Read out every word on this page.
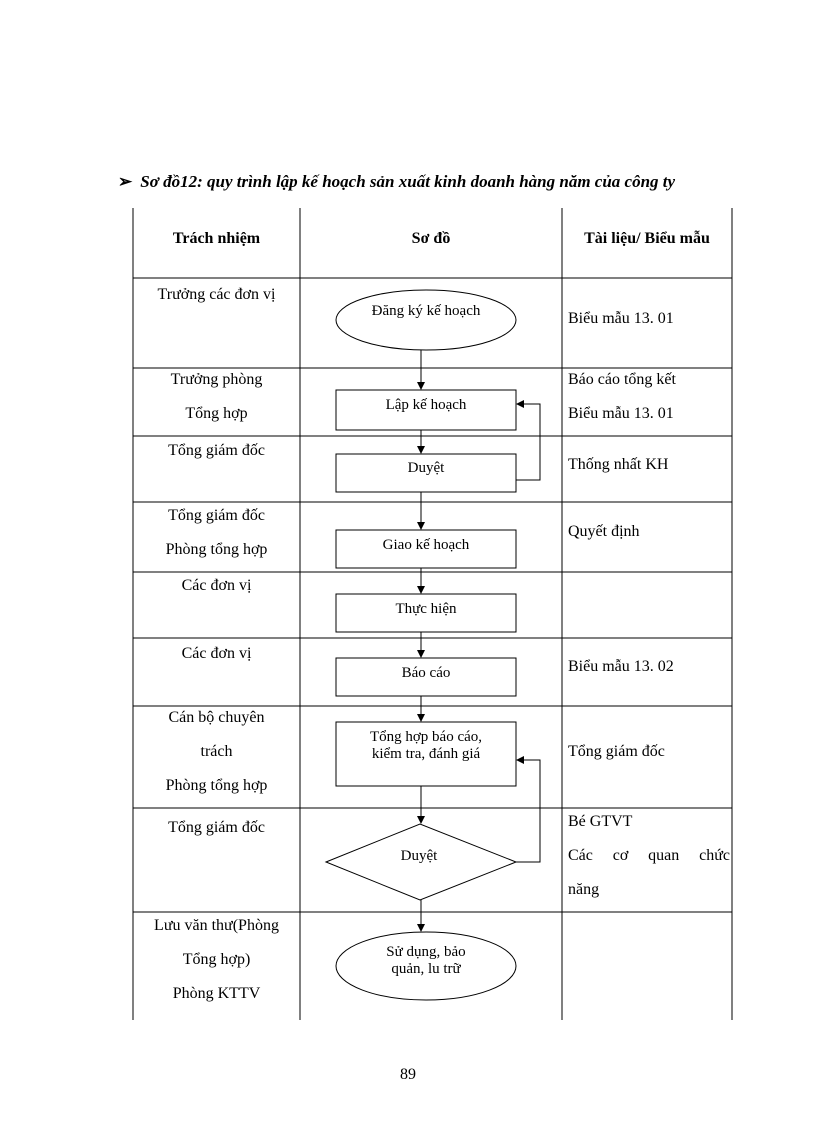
➢ Sơ đồ12: quy trình lập kế hoạch sản xuất kinh doanh hàng năm của công ty
Trách nhiệm	Sơ đồ	Tài liệu/ Biểu mẫu
Trưởng các đơn vị
Trưởng phòng
Tổng hợp
Tổng giám đốc
Tổng giám đốc
Phòng tổng hợp
Các đơn vị
Các đơn vị
Cán bộ chuyên
trách
Phòng tổng hợp
Tổng giám đốc
Lưu văn thư(Phòng
Tổng hợp)
Phòng KTTV
Biểu mẫu 13. 01
Báo cáo tổng kết
Biểu mẫu 13. 01
Thống nhất KH
Quyết định
Biểu mẫu 13. 02
Tổng giám đốc
Bé GTVT
Các cơ quan chức
năng
Đăng ký kế hoạch
Lập kế hoạch
Duyệt
Giao kế hoạch
Thực hiện
Báo cáo
Tổng hợp báo cáo,
kiểm tra, đánh giá
Duyệt
Sử dụng, bảo
quản, lu trữ
89
